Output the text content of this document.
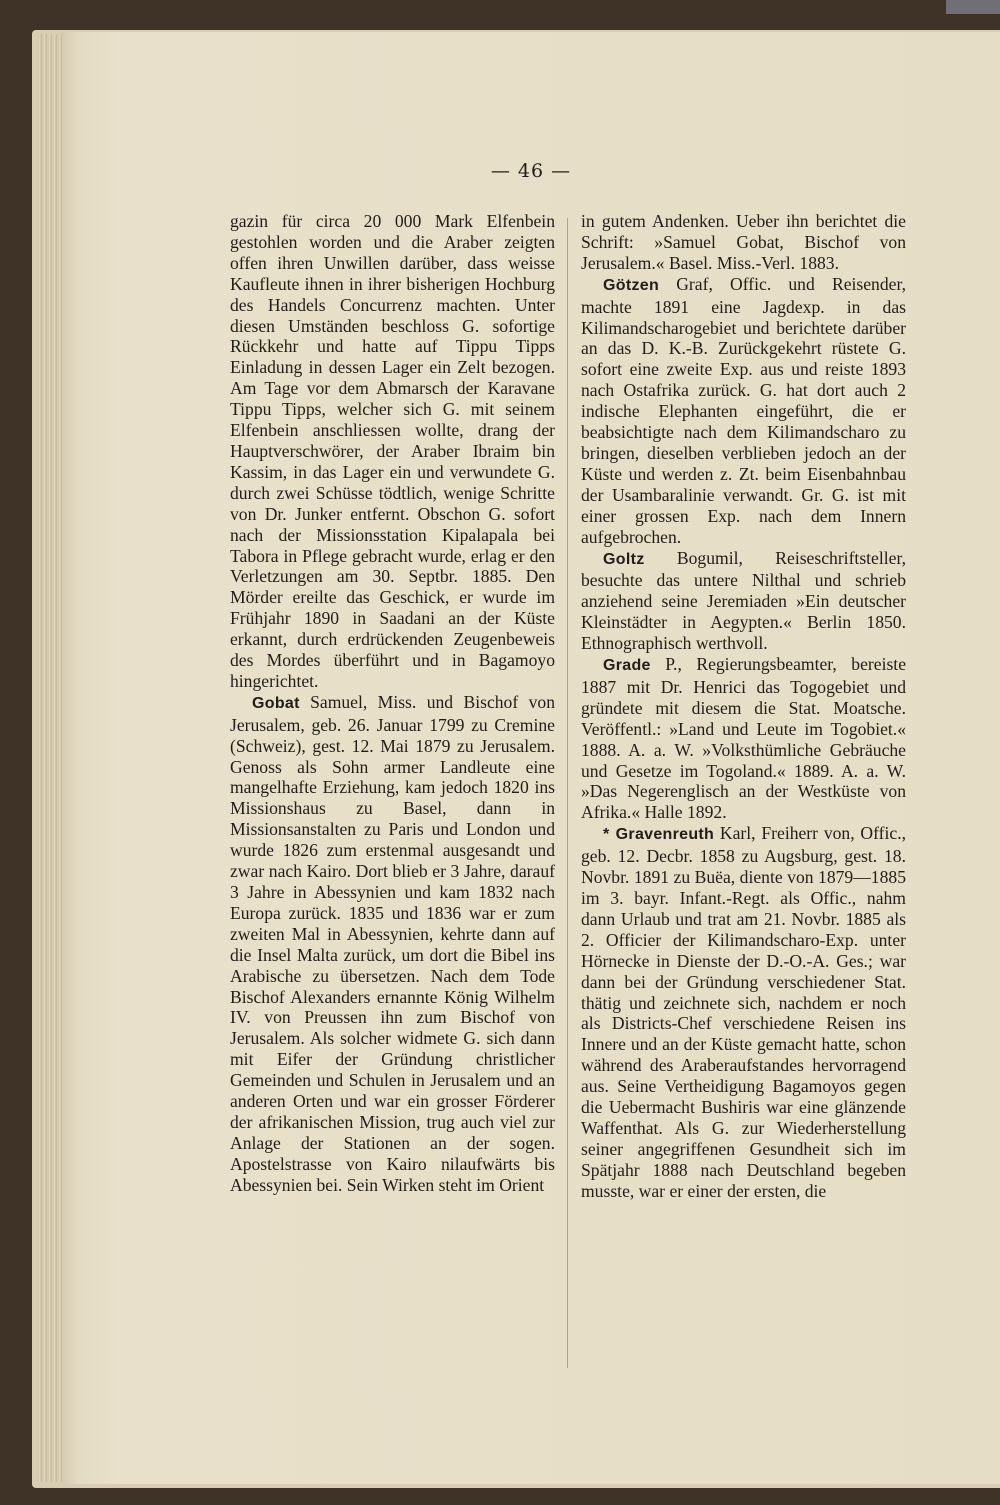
— 46 —

gazin für circa 20 000 Mark Elfenbein gestohlen worden und die Araber zeigten offen ihren Unwillen darüber, dass weisse Kaufleute ihnen in ihrer bisherigen Hochburg des Handels Concurrenz machten. Unter diesen Umständen beschloss G. sofortige Rückkehr und hatte auf Tippu Tipps Einladung in dessen Lager ein Zelt bezogen. Am Tage vor dem Abmarsch der Karavane Tippu Tipps, welcher sich G. mit seinem Elfenbein anschliessen wollte, drang der Hauptverschwörer, der Araber Ibraim bin Kassim, in das Lager ein und verwundete G. durch zwei Schüsse tödtlich, wenige Schritte von Dr. Junker entfernt. Obschon G. sofort nach der Missionsstation Kipalapala bei Tabora in Pflege gebracht wurde, erlag er den Verletzungen am 30. Septbr. 1885. Den Mörder ereilte das Geschick, er wurde im Frühjahr 1890 in Saadani an der Küste erkannt, durch erdrückenden Zeugenbeweis des Mordes überführt und in Bagamoyo hingerichtet.

Gobat Samuel, Miss. und Bischof von Jerusalem, geb. 26. Januar 1799 zu Cremine (Schweiz), gest. 12. Mai 1879 zu Jerusalem. Genoss als Sohn armer Landleute eine mangelhafte Erziehung, kam jedoch 1820 ins Missionshaus zu Basel, dann in Missionsanstalten zu Paris und London und wurde 1826 zum erstenmal ausgesandt und zwar nach Kairo. Dort blieb er 3 Jahre, darauf 3 Jahre in Abessynien und kam 1832 nach Europa zurück. 1835 und 1836 war er zum zweiten Mal in Abessynien, kehrte dann auf die Insel Malta zurück, um dort die Bibel ins Arabische zu übersetzen. Nach dem Tode Bischof Alexanders ernannte König Wilhelm IV. von Preussen ihn zum Bischof von Jerusalem. Als solcher widmete G. sich dann mit Eifer der Gründung christlicher Gemeinden und Schulen in Jerusalem und an anderen Orten und war ein grosser Förderer der afrikanischen Mission, trug auch viel zur Anlage der Stationen an der sogen. Apostelstrasse von Kairo nilaufwärts bis Abessynien bei. Sein Wirken steht im Orient

in gutem Andenken. Ueber ihn berichtet die Schrift: »Samuel Gobat, Bischof von Jerusalem.« Basel. Miss.-Verl. 1883.

Götzen Graf, Offic. und Reisender, machte 1891 eine Jagdexp. in das Kilimandscharogebiet und berichtete darüber an das D. K.-B. Zurückgekehrt rüstete G. sofort eine zweite Exp. aus und reiste 1893 nach Ostafrika zurück. G. hat dort auch 2 indische Elephanten eingeführt, die er beabsichtigte nach dem Kilimandscharo zu bringen, dieselben verblieben jedoch an der Küste und werden z. Zt. beim Eisenbahnbau der Usambaralinie verwandt. Gr. G. ist mit einer grossen Exp. nach dem Innern aufgebrochen.

Goltz Bogumil, Reiseschriftsteller, besuchte das untere Nilthal und schrieb anziehend seine Jeremiaden »Ein deutscher Kleinstädter in Aegypten.« Berlin 1850. Ethnographisch werthvoll.

Grade P., Regierungsbeamter, bereiste 1887 mit Dr. Henrici das Togogebiet und gründete mit diesem die Stat. Moatsche. Veröffentl.: »Land und Leute im Togobiet.« 1888. A. a. W. »Volksthümliche Gebräuche und Gesetze im Togoland.« 1889. A. a. W. »Das Negerenglisch an der Westküste von Afrika.« Halle 1892.

* Gravenreuth Karl, Freiherr von, Offic., geb. 12. Decbr. 1858 zu Augsburg, gest. 18. Novbr. 1891 zu Buëa, diente von 1879—1885 im 3. bayr. Infant.-Regt. als Offic., nahm dann Urlaub und trat am 21. Novbr. 1885 als 2. Officier der Kilimandscharo-Exp. unter Hörnecke in Dienste der D.-O.-A. Ges.; war dann bei der Gründung verschiedener Stat. thätig und zeichnete sich, nachdem er noch als Districts-Chef verschiedene Reisen ins Innere und an der Küste gemacht hatte, schon während des Araberaufstandes hervorragend aus. Seine Vertheidigung Bagamoyos gegen die Uebermacht Bushiris war eine glänzende Waffenthat. Als G. zur Wiederherstellung seiner angegriffenen Gesundheit sich im Spätjahr 1888 nach Deutschland begeben musste, war er einer der ersten, die
